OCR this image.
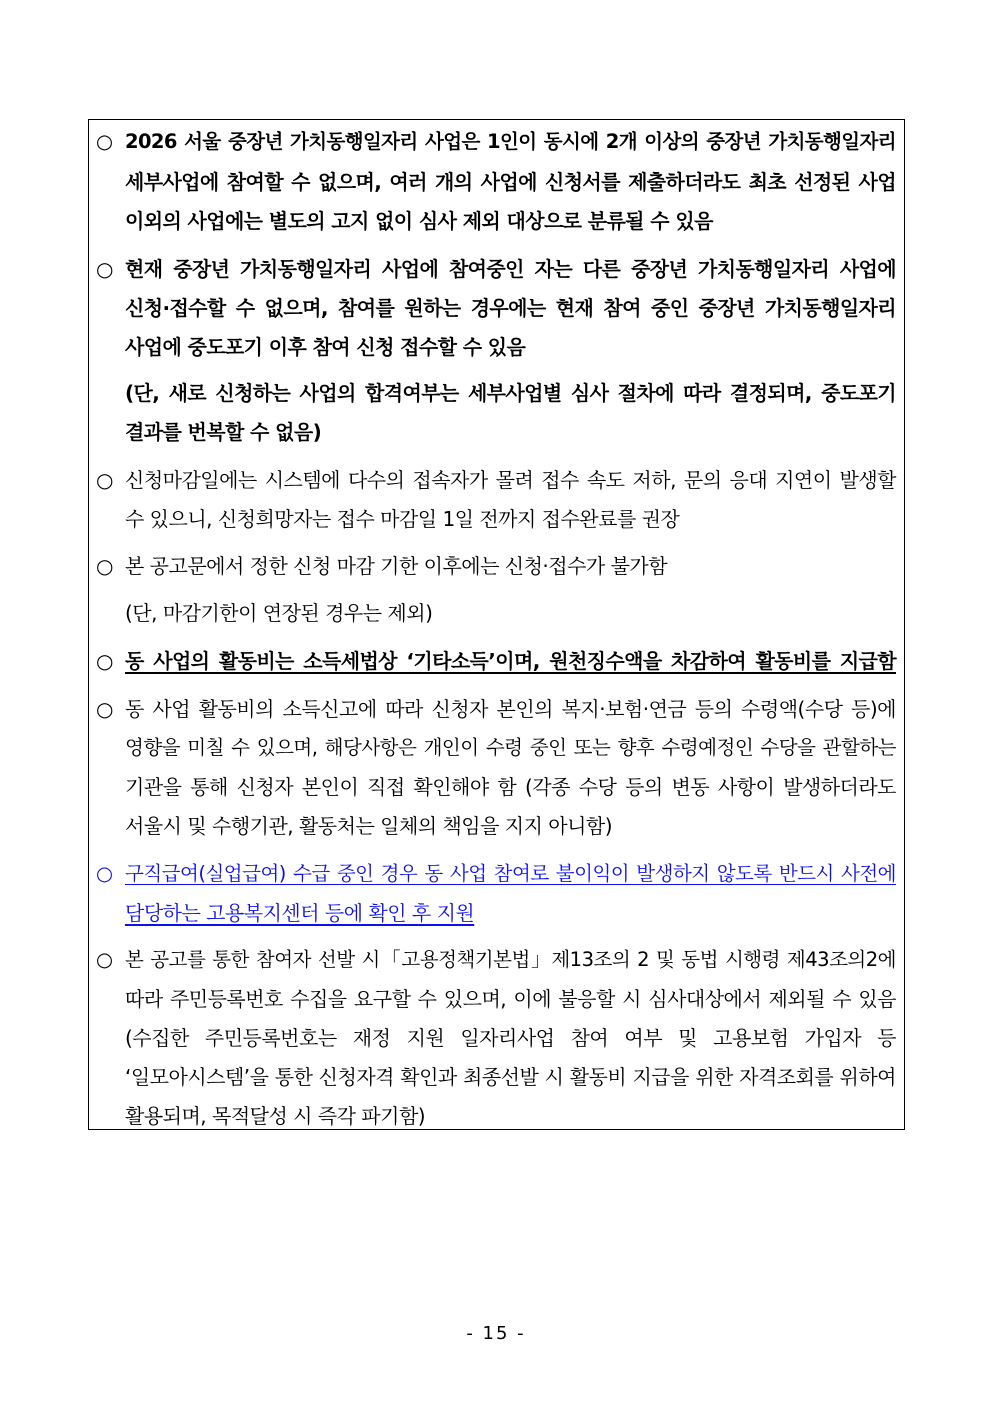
○ 2026 서울 중장년 가치동행일자리 사업은 1인이 동시에 2개 이상의 중장년 가치동행일자리
세부사업에 참여할 수 없으며, 여러 개의 사업에 신청서를 제출하더라도 최초 선정된 사업
이외의 사업에는 별도의 고지 없이 심사 제외 대상으로 분류될 수 있음
○ 현재 중장년 가치동행일자리 사업에 참여중인 자는 다른 중장년 가치동행일자리 사업에
신청·접수할 수 없으며, 참여를 원하는 경우에는 현재 참여 중인 중장년 가치동행일자리
사업에 중도포기 이후 참여 신청 접수할 수 있음
(단, 새로 신청하는 사업의 합격여부는 세부사업별 심사 절차에 따라 결정되며, 중도포기
결과를 번복할 수 없음)
○ 신청마감일에는 시스템에 다수의 접속자가 몰려 접수 속도 저하, 문의 응대 지연이 발생할
수 있으니, 신청희망자는 접수 마감일 1일 전까지 접수완료를 권장
○ 본 공고문에서 정한 신청 마감 기한 이후에는 신청·접수가 불가함
(단, 마감기한이 연장된 경우는 제외)
○ 동 사업의 활동비는 소득세법상 ‘기타소득’이며, 원천징수액을 차감하여 활동비를 지급함
○ 동 사업 활동비의 소득신고에 따라 신청자 본인의 복지·보험·연금 등의 수령액(수당 등)에
영향을 미칠 수 있으며, 해당사항은 개인이 수령 중인 또는 향후 수령예정인 수당을 관할하는
기관을 통해 신청자 본인이 직접 확인해야 함 (각종 수당 등의 변동 사항이 발생하더라도
서울시 및 수행기관, 활동처는 일체의 책임을 지지 아니함)
○ 구직급여(실업급여) 수급 중인 경우 동 사업 참여로 불이익이 발생하지 않도록 반드시 사전에
담당하는 고용복지센터 등에 확인 후 지원
○ 본 공고를 통한 참여자 선발 시「고용정책기본법」제13조의 2 및 동법 시행령 제43조의2에
따라 주민등록번호 수집을 요구할 수 있으며, 이에 불응할 시 심사대상에서 제외될 수 있음
(수집한 주민등록번호는 재정 지원 일자리사업 참여 여부 및 고용보험 가입자 등
‘일모아시스템’을 통한 신청자격 확인과 최종선발 시 활동비 지급을 위한 자격조회를 위하여
활용되며, 목적달성 시 즉각 파기함)
- 15 -
